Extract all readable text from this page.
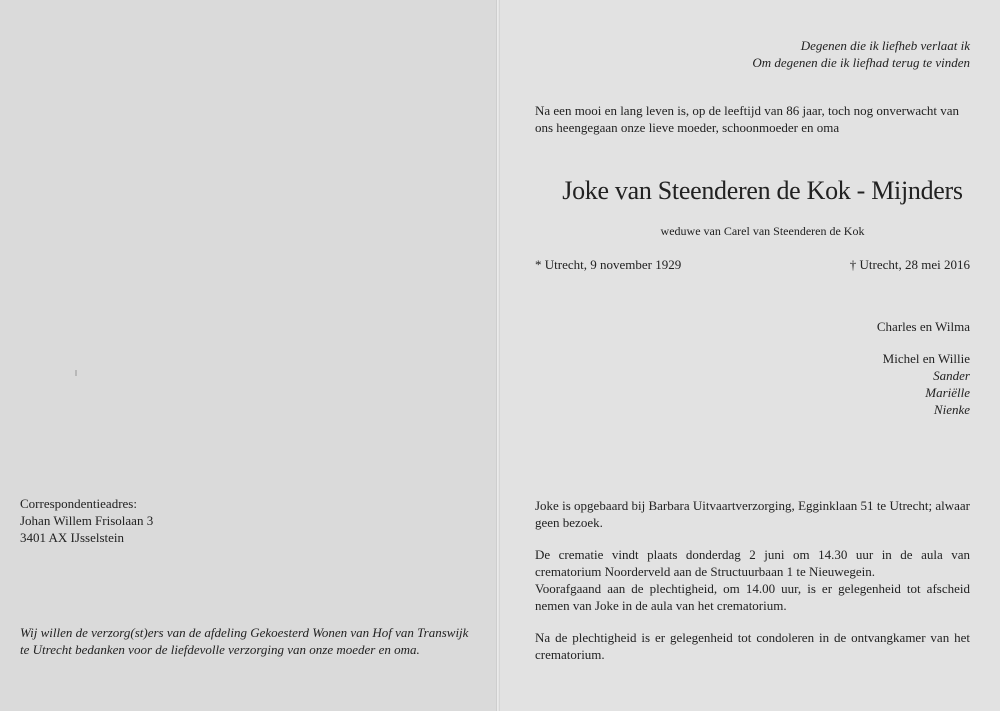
Correspondentieadres:
Johan Willem Frisolaan 3
3401 AX IJsselstein
Wij willen de verzorg(st)ers van de afdeling Gekoesterd Wonen van Hof van Transwijk te Utrecht bedanken voor de liefdevolle verzorging van onze moeder en oma.
Degenen die ik liefheb verlaat ik
Om degenen die ik liefhad terug te vinden
Na een mooi en lang leven is, op de leeftijd van 86 jaar, toch nog onverwacht van ons heengegaan onze lieve moeder, schoonmoeder en oma
Joke van Steenderen de Kok - Mijnders
weduwe van Carel van Steenderen de Kok
* Utrecht, 9 november 1929	† Utrecht, 28 mei 2016
Charles en Wilma
Michel en Willie
Sander
Mariëlle
Nienke

Joke is opgebaard bij Barbara Uitvaartverzorging, Egginklaan 51 te Utrecht; alwaar geen bezoek.

De crematie vindt plaats donderdag 2 juni om 14.30 uur in de aula van crematorium Noorderveld aan de Structuurbaan 1 te Nieuwegein.

Voorafgaand aan de plechtigheid, om 14.00 uur, is er gelegenheid tot afscheid nemen van Joke in de aula van het crematorium.

Na de plechtigheid is er gelegenheid tot condoleren in de ontvangkamer van het crematorium.
